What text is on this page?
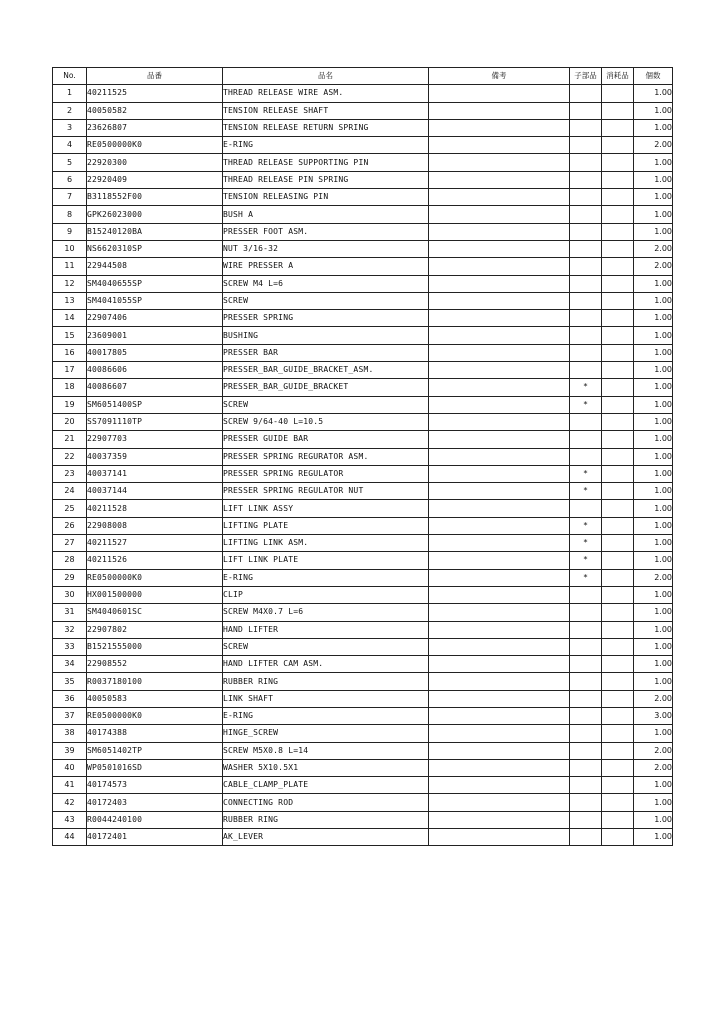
No.	品番	品名	備考	子部品	消耗品	個数
1	40211525	THREAD RELEASE WIRE ASM.				1.00
2	40050582	TENSION RELEASE SHAFT				1.00
3	23626807	TENSION RELEASE RETURN SPRING				1.00
4	RE0500000K0	E-RING				2.00
5	22920300	THREAD RELEASE SUPPORTING PIN				1.00
6	22920409	THREAD RELEASE PIN SPRING				1.00
7	B3118552F00	TENSION RELEASING PIN				1.00
8	GPK26023000	BUSH A				1.00
9	B15240120BA	PRESSER FOOT ASM.				1.00
10	NS6620310SP	NUT 3/16-32				2.00
11	22944508	WIRE PRESSER A				2.00
12	SM4040655SP	SCREW M4 L=6				1.00
13	SM4041055SP	SCREW				1.00
14	22907406	PRESSER SPRING				1.00
15	23609001	BUSHING				1.00
16	40017805	PRESSER BAR				1.00
17	40086606	PRESSER_BAR_GUIDE_BRACKET_ASM.				1.00
18	40086607	PRESSER_BAR_GUIDE_BRACKET		*		1.00
19	SM6051400SP	SCREW		*		1.00
20	SS7091110TP	SCREW 9/64-40 L=10.5				1.00
21	22907703	PRESSER GUIDE BAR				1.00
22	40037359	PRESSER SPRING REGURATOR ASM.				1.00
23	40037141	PRESSER SPRING REGULATOR		*		1.00
24	40037144	PRESSER SPRING REGULATOR NUT		*		1.00
25	40211528	LIFT LINK ASSY				1.00
26	22908008	LIFTING PLATE		*		1.00
27	40211527	LIFTING LINK ASM.		*		1.00
28	40211526	LIFT LINK PLATE		*		1.00
29	RE0500000K0	E-RING		*		2.00
30	HX001500000	CLIP				1.00
31	SM4040601SC	SCREW M4X0.7 L=6				1.00
32	22907802	HAND LIFTER				1.00
33	B1521555000	SCREW				1.00
34	22908552	HAND LIFTER CAM ASM.				1.00
35	R0037180100	RUBBER RING				1.00
36	40050583	LINK SHAFT				2.00
37	RE0500000K0	E-RING				3.00
38	40174388	HINGE_SCREW				1.00
39	SM6051402TP	SCREW M5X0.8 L=14				2.00
40	WP0501016SD	WASHER 5X10.5X1				2.00
41	40174573	CABLE_CLAMP_PLATE				1.00
42	40172403	CONNECTING ROD				1.00
43	R0044240100	RUBBER RING				1.00
44	40172401	AK_LEVER				1.00
